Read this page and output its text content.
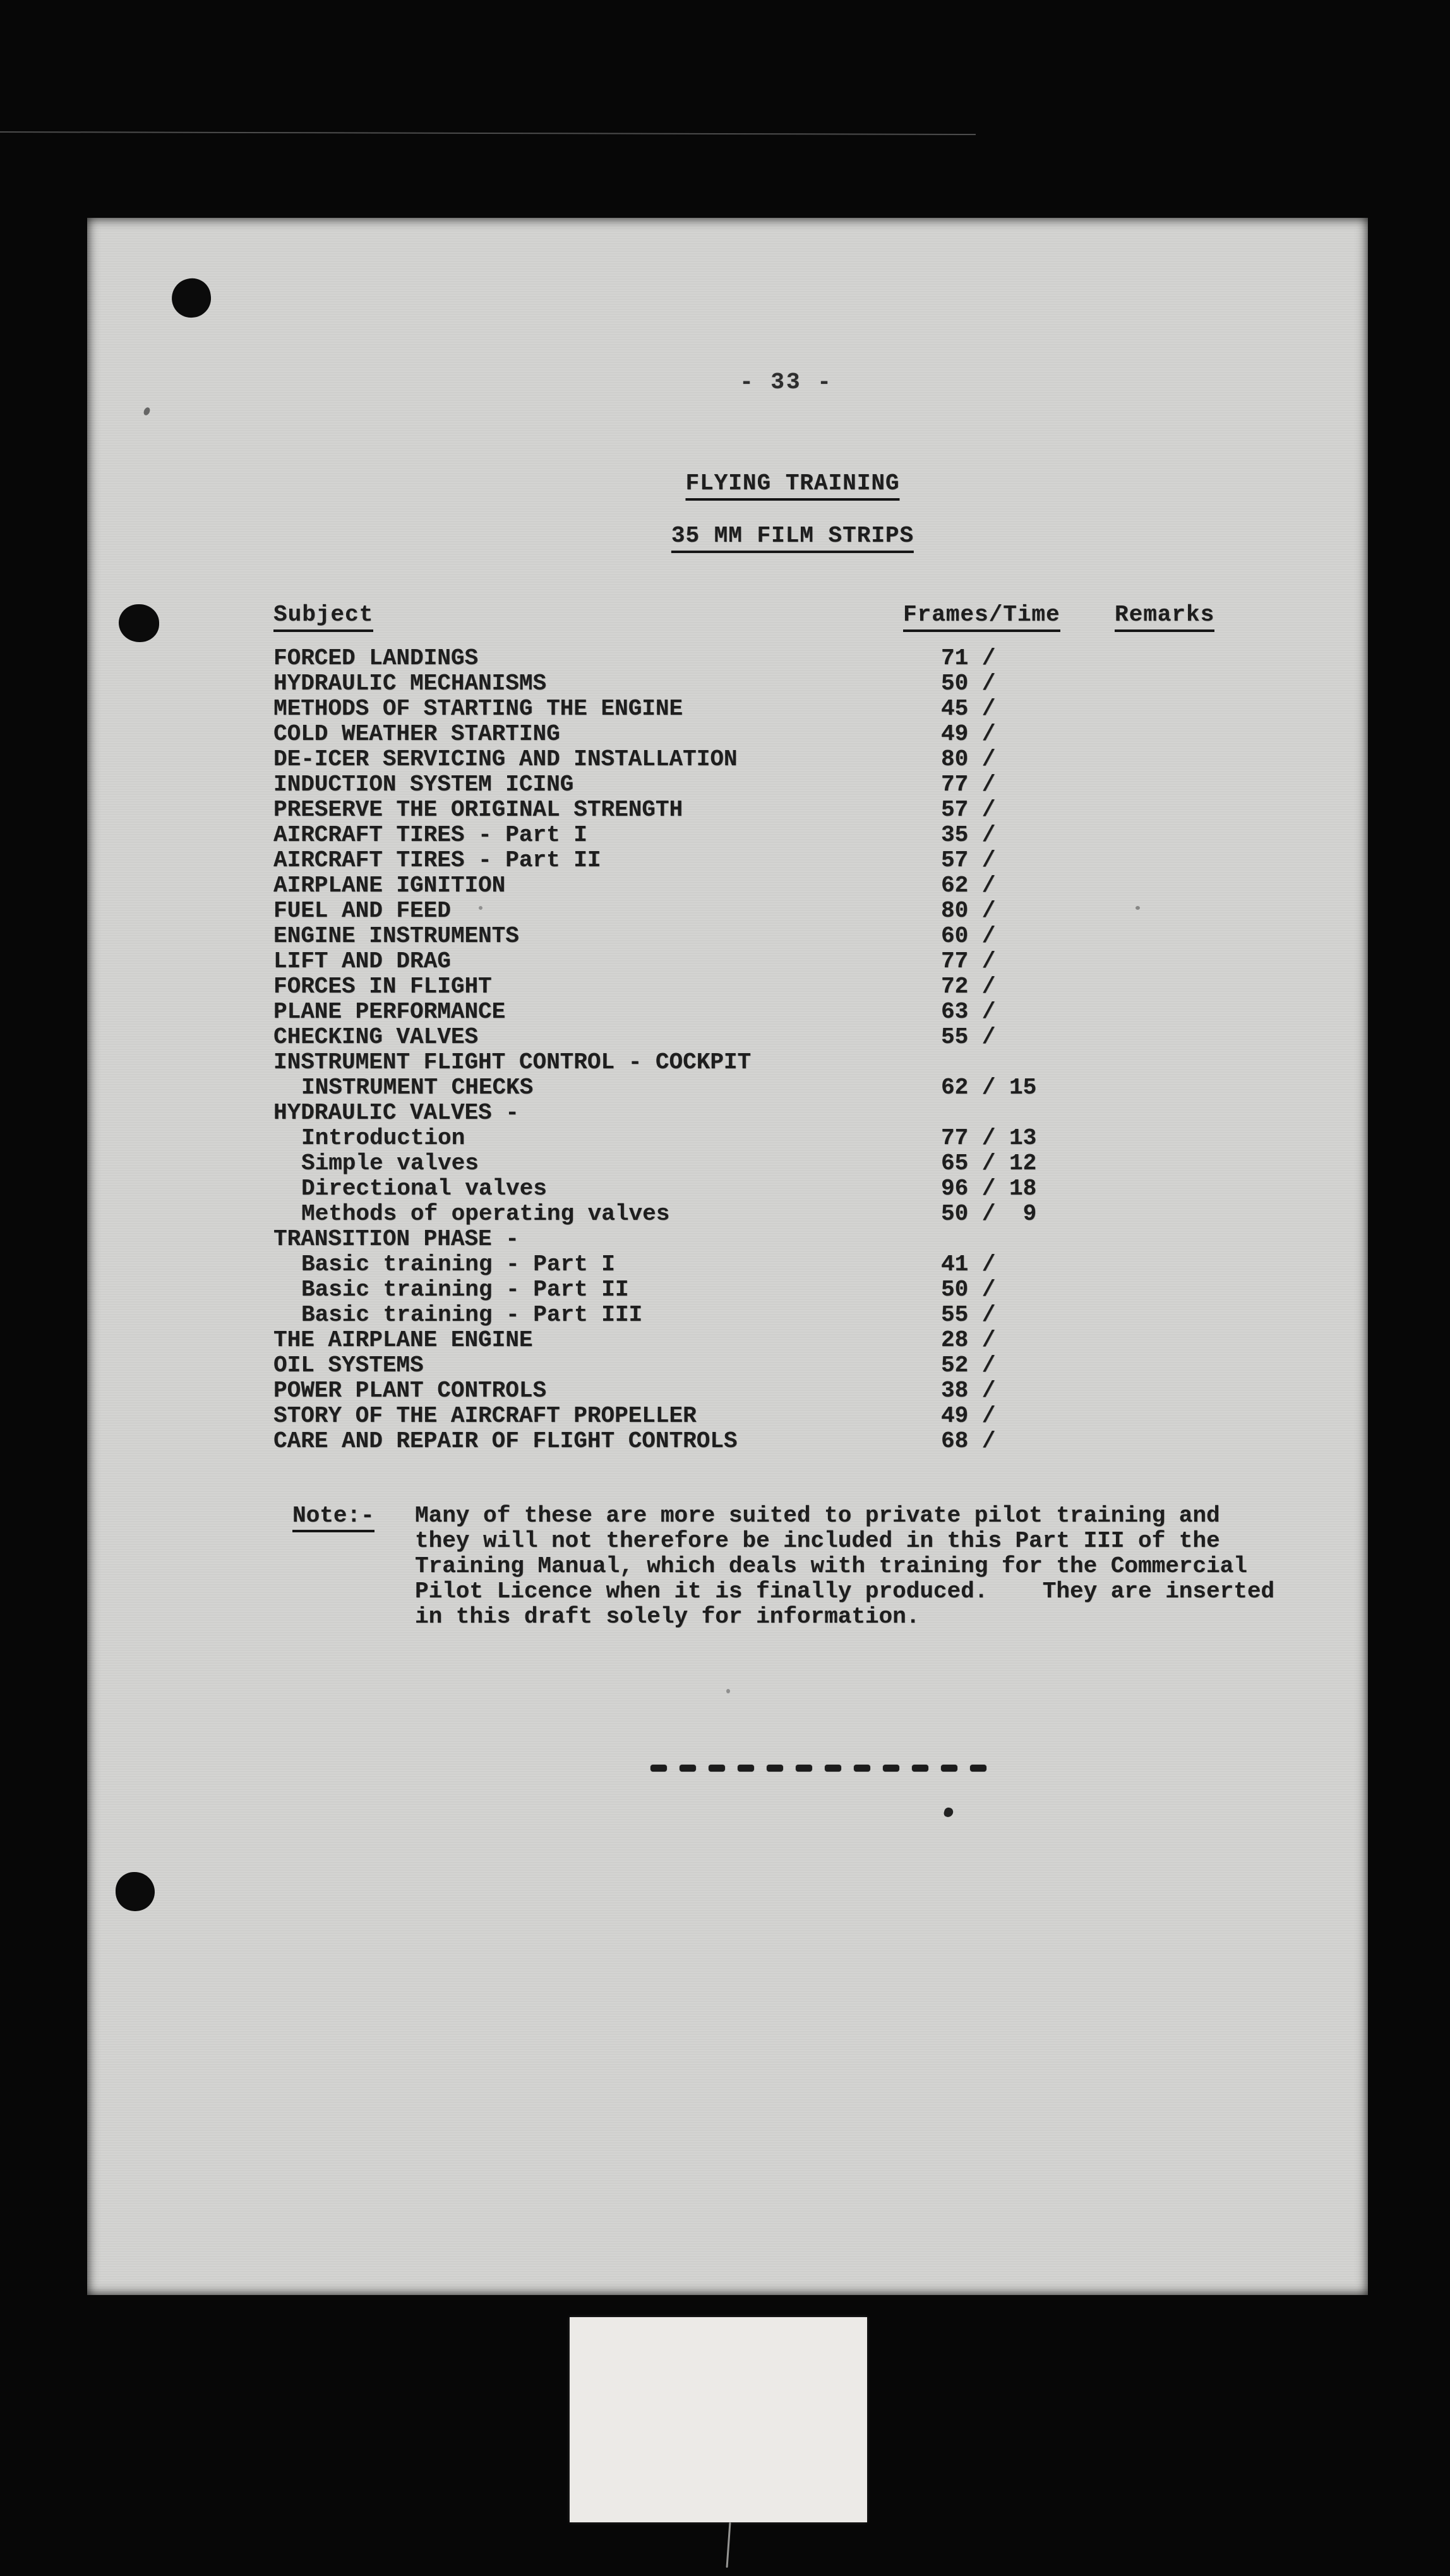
- 33 -
FLYING TRAINING
35 MM FILM STRIPS
Subject	Frames/Time Remarks
FORCED LANDINGS	71 /
HYDRAULIC MECHANISMS	50 /
METHODS OF STARTING THE ENGINE	45 /
COLD WEATHER STARTING	49 /
DE-ICER SERVICING AND INSTALLATION	80 /
INDUCTION SYSTEM ICING	77 /
PRESERVE THE ORIGINAL STRENGTH	57 /
AIRCRAFT TIRES - Part I	35 /
AIRCRAFT TIRES - Part II	57 /
AIRPLANE IGNITION	62 /
FUEL AND FEED	80 /
ENGINE INSTRUMENTS	60 /
LIFT AND DRAG	77 /
FORCES IN FLIGHT	72 /
PLANE PERFORMANCE	63 /
CHECKING VALVES	55 /
INSTRUMENT FLIGHT CONTROL - COCKPIT
INSTRUMENT CHECKS	62 / 15
HYDRAULIC VALVES -
Introduction	77 / 13
Simple valves	65 / 12
Directional valves	96 / 18
Methods of operating valves	50 /  9
TRANSITION PHASE -
Basic training - Part I	41 /
Basic training - Part II	50 /
Basic training - Part III	55 /
THE AIRPLANE ENGINE	28 /
OIL SYSTEMS	52 /
POWER PLANT CONTROLS	38 /
STORY OF THE AIRCRAFT PROPELLER	49 /
CARE AND REPAIR OF FLIGHT CONTROLS	68 /
Note:- Many of these are more suited to private pilot training and
they will not therefore be included in this Part III of the
Training Manual, which deals with training for the Commercial
Pilot Licence when it is finally produced.    They are inserted
in this draft solely for information.
